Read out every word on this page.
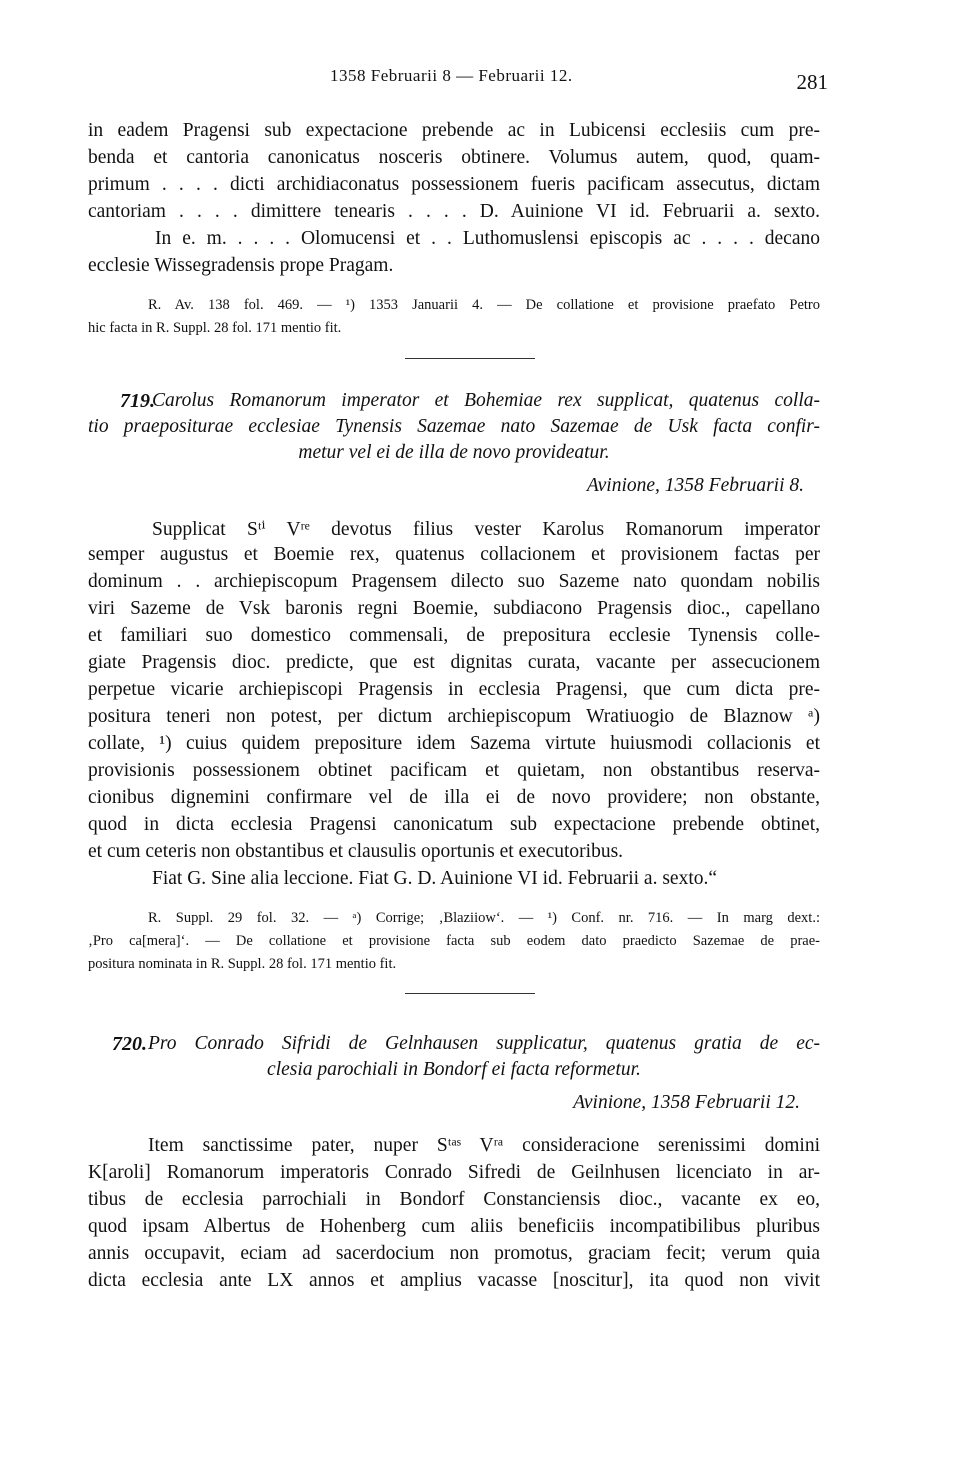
1358 Februarii 8 — Februarii 12.	281
in eadem Pragensi sub expectacione prebende ac in Lubicensi ecclesiis cum pre-
benda et cantoria canonicatus nosceris obtinere. Volumus autem, quod, quam-
primum . . . . dicti archidiaconatus possessionem fueris pacificam assecutus, dictam
cantoriam . . . . dimittere tenearis . . . . D. Auinione VI id. Februarii a. sexto.
In e. m. . . . . Olomucensi et . . Luthomuslensi episcopis ac . . . . decano
ecclesie Wissegradensis prope Pragam.
R. Av. 138 fol. 469. — ¹) 1353 Januarii 4. — De collatione et provisione praefato Petro
hic facta in R. Suppl. 28 fol. 171 mentio fit.
719.
Carolus Romanorum imperator et Bohemiae rex supplicat, quatenus colla-
tio praepositurae ecclesiae Tynensis Sazemae nato Sazemae de Usk facta confir-
metur vel ei de illa de novo provideatur.
Avinione, 1358 Februarii 8.
Supplicat Sᵗⁱ Vʳᵉ devotus filius vester Karolus Romanorum imperator
semper augustus et Boemie rex, quatenus collacionem et provisionem factas per
dominum . . archiepiscopum Pragensem dilecto suo Sazeme nato quondam nobilis
viri Sazeme de Vsk baronis regni Boemie, subdiacono Pragensis dioc., capellano
et familiari suo domestico commensali, de prepositura ecclesie Tynensis colle-
giate Pragensis dioc. predicte, que est dignitas curata, vacante per assecucionem
perpetue vicarie archiepiscopi Pragensis in ecclesia Pragensi, que cum dicta pre-
positura teneri non potest, per dictum archiepiscopum Wratiuogio de Blaznow ᵃ)
collate, ¹) cuius quidem prepositure idem Sazema virtute huiusmodi collacionis et
provisionis possessionem obtinet pacificam et quietam, non obstantibus reserva-
cionibus dignemini confirmare vel de illa ei de novo providere; non obstante,
quod in dicta ecclesia Pragensi canonicatum sub expectacione prebende obtinet,
et cum ceteris non obstantibus et clausulis oportunis et executoribus.
Fiat G. Sine alia leccione. Fiat G. D. Auinione VI id. Februarii a. sexto.“
R. Suppl. 29 fol. 32. — ᵃ) Corrige; ‚Blaziiow‘. — ¹) Conf. nr. 716. — In marg dext.:
‚Pro ca[mera]‘. — De collatione et provisione facta sub eodem dato praedicto Sazemae de prae-
positura nominata in R. Suppl. 28 fol. 171 mentio fit.
720. Pro Conrado Sifridi de Gelnhausen supplicatur, quatenus gratia de ec-
clesia parochiali in Bondorf ei facta reformetur.
Avinione, 1358 Februarii 12.
Item sanctissime pater, nuper Sᵗᵃˢ Vʳᵃ consideracione serenissimi domini
K[aroli] Romanorum imperatoris Conrado Sifredi de Geilnhusen licenciato in ar-
tibus de ecclesia parrochiali in Bondorf Constanciensis dioc., vacante ex eo,
quod ipsam Albertus de Hohenberg cum aliis beneficiis incompatibilibus pluribus
annis occupavit, eciam ad sacerdocium non promotus, graciam fecit; verum quia
dicta ecclesia ante LX annos et amplius vacasse [noscitur], ita quod non vivit
